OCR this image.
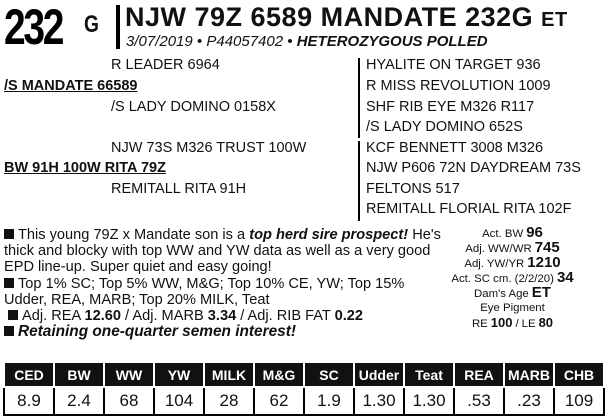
232 G NJW 79Z 6589 MANDATE 232G ET
3/07/2019 • P44057402 • HETEROZYGOUS POLLED
R LEADER 6964
/S MANDATE 66589
/S LADY DOMINO 0158X
HYALITE ON TARGET 936
R MISS REVOLUTION 1009
SHF RIB EYE M326 R117
/S LADY DOMINO 652S
NJW 73S M326 TRUST 100W
BW 91H 100W RITA 79Z
REMITALL RITA 91H
KCF BENNETT 3008 M326
NJW P606 72N DAYDREAM 73S
FELTONS 517
REMITALL FLORIAL RITA 102F

This young 79Z x Mandate son is a top herd sire prospect! He's thick and blocky with top WW and YW data as well as a very good EPD line-up. Super quiet and easy going!

Top 1% SC; Top 5% WW, M&G; Top 10% CE, YW; Top 15% Udder, REA, MARB; Top 20% MILK, Teat

Adj. REA 12.60 / Adj. MARB 3.34 / Adj. RIB FAT 0.22

Retaining one-quarter semen interest!

Act. BW 96
Adj. WW/WR 745
Adj. YW/YR 1210
Act. SC cm. (2/2/20) 34
Dam's Age ET
Eye Pigment
RE 100 / LE 80
CED	BW	WW	YW	MILK	M&G	SC	Udder	Teat	REA	MARB	CHB
8.9	2.4	68	104	28	62	1.9	1.30	1.30	.53	.23	109
